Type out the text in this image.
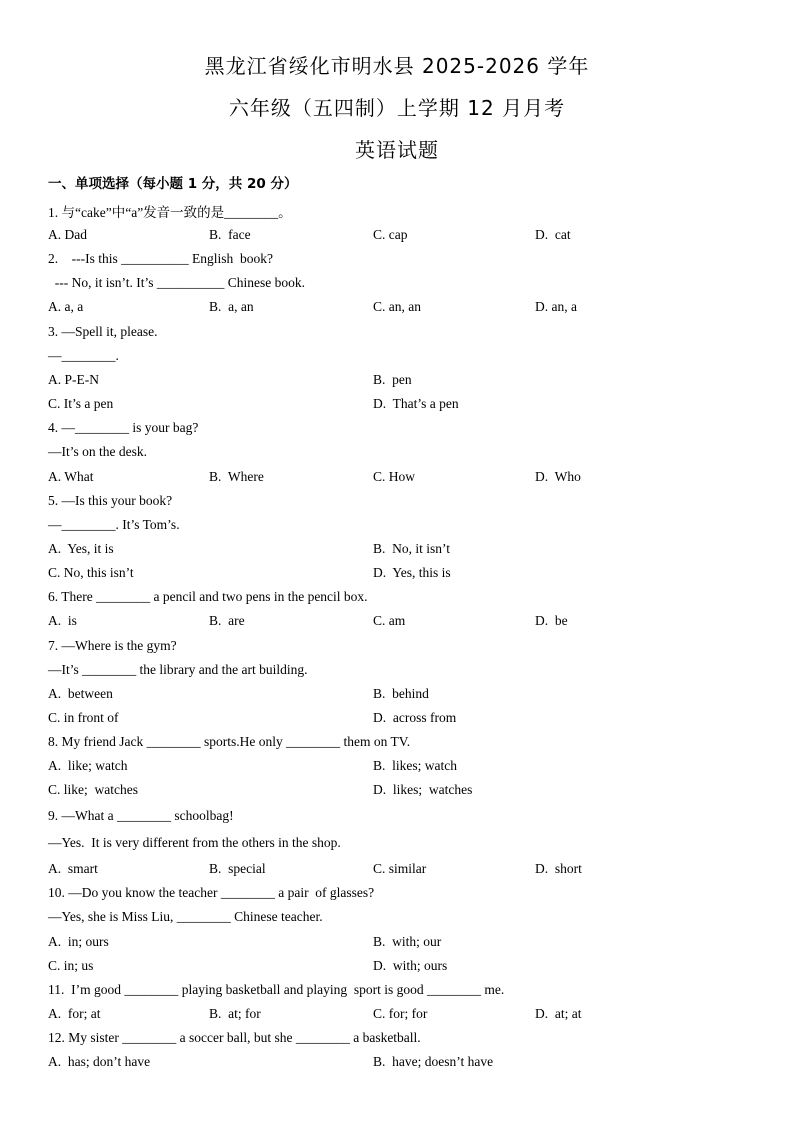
黑龙江省绥化市明水县 2025-2026 学年
六年级（五四制）上学期 12 月月考
英语试题
一、单项选择（每小题 1 分，共 20 分）
1. 与“cake”中“a”发音一致的是________。
A. Dad	B.  face	C. cap	D.  cat
2.    ---Is this __________ English  book?
--- No, it isn’t. It’s __________ Chinese book.
A. a, a	B.  a, an	C. an, an	D. an, a
3. —Spell it, please.
—________.
A. P-E-N	B.  pen
C. It’s a pen	D.  That’s a pen
4. —________ is your bag?
—It’s on the desk.
A. What	B.  Where	C. How	D.  Who
5. —Is this your book?
—________. It’s Tom’s.
A.  Yes, it is	B.  No, it isn’t
C. No, this isn’t	D.  Yes, this is
6. There ________ a pencil and two pens in the pencil box.
A.  is	B.  are	C. am	D.  be
7. —Where is the gym?
—It’s ________ the library and the art building.
A.  between	B.  behind
C. in front of	D.  across from
8. My friend Jack ________ sports.He only ________ them on TV.
A.  like; watch	B.  likes; watch
C. like;  watches	D.  likes;  watches
9. —What a ________ schoolbag!
—Yes.  It is very different from the others in the shop.
A.  smart	B.  special	C. similar	D.  short
10. —Do you know the teacher ________ a pair  of glasses?
—Yes, she is Miss Liu, ________ Chinese teacher.
A.  in; ours	B.  with; our
C. in; us	D.  with; ours
11.  I’m good ________ playing basketball and playing  sport is good ________ me.
A.  for; at	B.  at; for	C. for; for	D.  at; at
12. My sister ________ a soccer ball, but she ________ a basketball.
A.  has; don’t have	B.  have; doesn’t have
